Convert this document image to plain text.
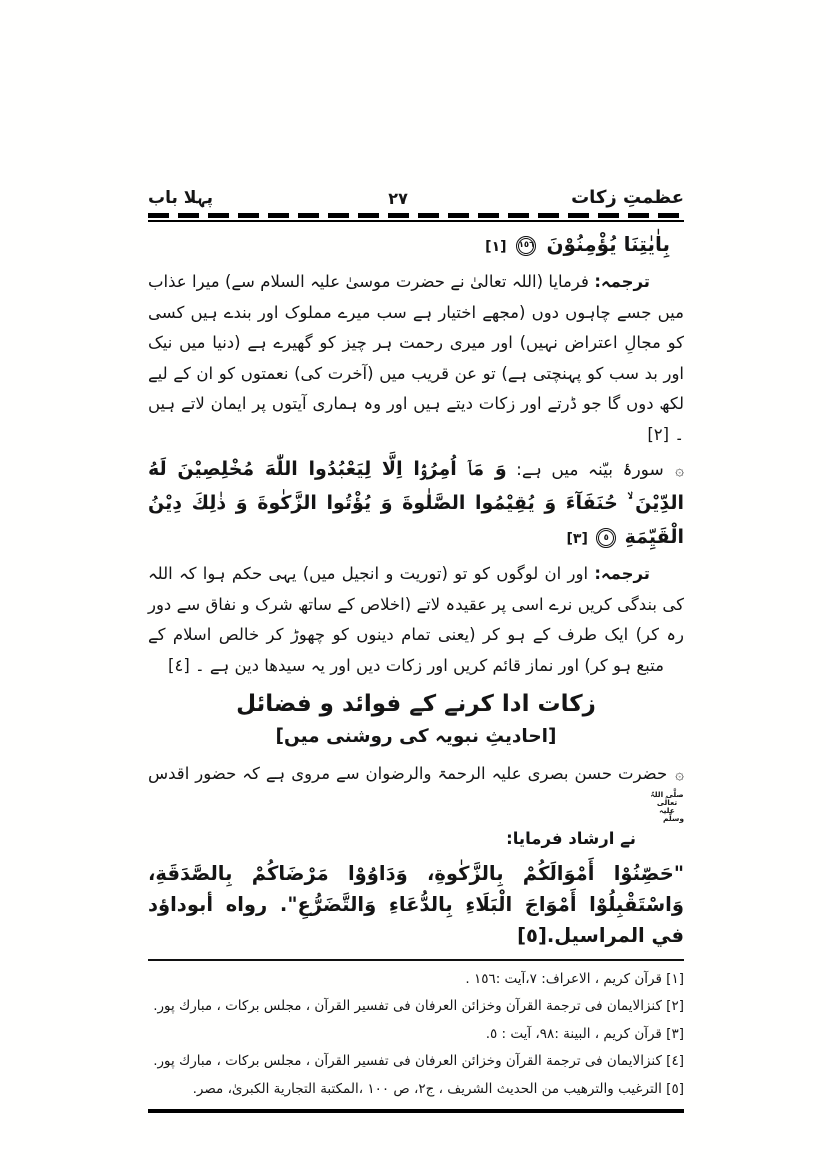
عظمتِ زکات
۲۷
پہلا باب
بِاٰيٰتِنَا يُؤْمِنُوْنَ
١٥٦
[١]
ترجمہ: فرمایا (اللہ تعالیٰ نے حضرت موسیٰ علیہ السلام سے) میرا عذاب میں جسے چاہوں دوں (مجھے اختیار ہے سب میرے مملوک اور بندے ہیں کسی کو مجالِ اعتراض نہیں) اور میری رحمت ہر چیز کو گھیرے ہے (دنیا میں نیک اور بد سب کو پہنچتی ہے) تو عن قریب میں (آخرت کی) نعمتوں کو ان کے لیے لکھ دوں گا جو ڈرتے اور زکات دیتے ہیں اور وہ ہماری آیتوں پر ایمان لاتے ہیں ۔ [٢]
۞ سورۂ بیّنہ میں ہے: وَ مَاۤ اُمِرُوْۤا اِلَّا لِيَعْبُدُوا اللّٰهَ مُخْلِصِيْنَ لَهُ الدِّيْنَ ۙ حُنَفَآءَ وَ يُقِيْمُوا الصَّلٰوةَ وَ يُؤْتُوا الزَّكٰوةَ وَ ذٰلِكَ دِيْنُ الْقَيِّمَةِ
٥
[٣]
ترجمہ: اور ان لوگوں کو تو (توریت و انجیل میں) یہی حکم ہوا کہ اللہ کی بندگی کریں نرے اسی پر عقیدہ لاتے (اخلاص کے ساتھ شرک و نفاق سے دور رہ کر) ایک طرف کے ہو کر (یعنی تمام دینوں کو چھوڑ کر خالص اسلام کے متبع ہو کر) اور نماز قائم کریں اور زکات دیں اور یہ سیدھا دین ہے ۔ [٤]
زکات ادا کرنے کے فوائد و فضائل
[احادیثِ نبویہ کی روشنی میں]
۞ حضرت حسن بصری علیہ الرحمۃ والرضوان سے مروی ہے کہ حضور اقدس صلَّی اللہُ تعالٰی علیہ وسلَّم
نے ارشاد فرمایا:
"حَصِّنُوْا أَمْوَالَكُمْ بِالزَّكٰوةِ، وَدَاوُوْا مَرْضَاكُمْ بِالصَّدَقَةِ، وَاسْتَقْبِلُوْا أَمْوَاجَ الْبَلَاءِ بِالدُّعَاءِ وَالتَّضَرُّعِ". رواه أبوداؤد في المراسيل.[٥]
[١] قرآن كريم ، الاعراف: ٧،آيت :١٥٦ .
[٢] كنزالايمان فى ترجمة القرآن وخزائن العرفان فى تفسير القرآن ، مجلس بركات ، مبارك پور.
[٣] قرآن كريم ، البينة :٩٨، آيت : ٥.
[٤] كنزالايمان فى ترجمة القرآن وخزائن العرفان فى تفسير القرآن ، مجلس بركات ، مبارك پور.
[٥] الترغيب والترهيب من الحديث الشريف ، ج٢، ص ١٠٠ ،المكتبة التجارية الكبرىٰ، مصر.
